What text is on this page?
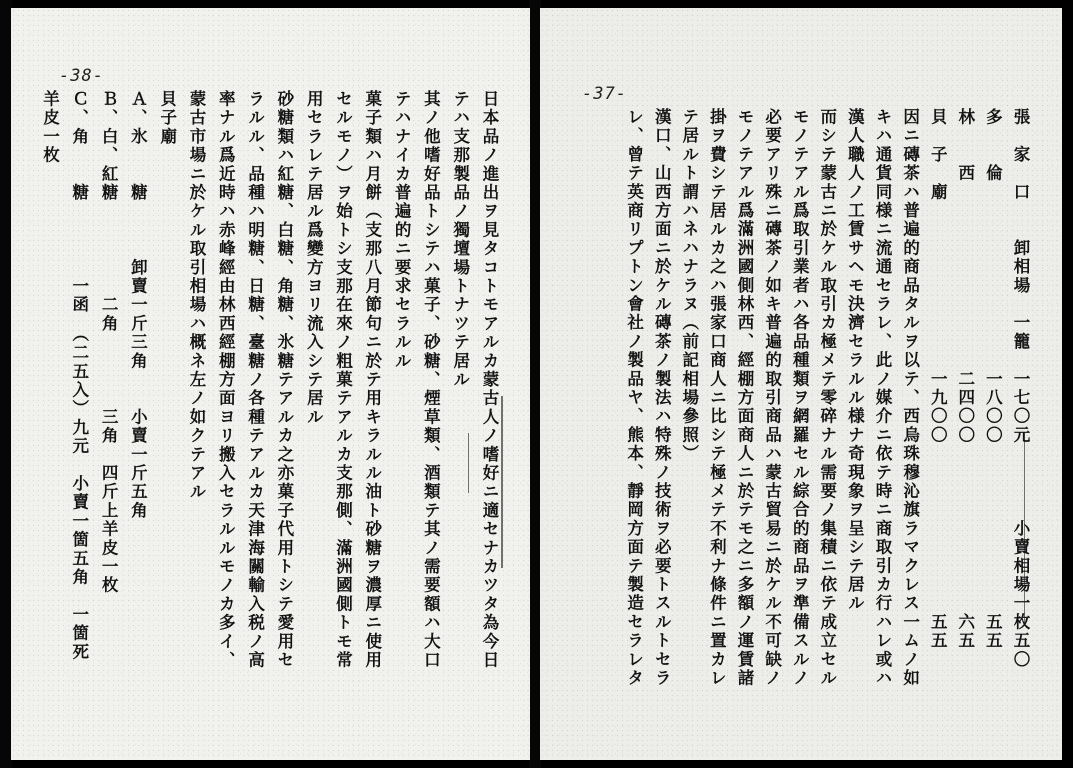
-38-
日本品ノ進出ヲ見タコトモアルカ蒙古人ノ嗜好ニ適セナカツタ為今日
テハ支那製品ノ獨壇場トナツテ居ル
其ノ他嗜好品トシテハ菓子、砂糖、煙草類、酒類テ其ノ需要額ハ大口
テハナイカ普遍的ニ要求セラルル
菓子類ハ月餅（支那八月節句ニ於テ用キラルル油ト砂糖ヲ濃厚ニ使用
セルモノ）ヲ始トシ支那在來ノ粗菓テアルカ支那側、滿洲國側トモ常
用セラレテ居ル爲變方ヨリ流入シテ居ル
砂糖類ハ紅糖、白糖、角糖、氷糖テアルカ之亦菓子代用トシテ愛用セ
ラルル、品種ハ明糖、日糖、臺糖ノ各種テアルカ天津海關輸入税ノ高
率ナル爲近時ハ赤峰經由林西經棚方面ヨリ搬入セラルルモノカ多イ、
蒙古市場ニ於ケル取引相場ハ概ネ左ノ如クテアル
貝子廟
Ａ、氷　　糖　　　卸賣一斤三角　　小賣一斤五角
Ｂ、白、紅糖　　　　　二角　　　　三角　四斤上羊皮一枚
Ｃ、角　　糖　　　　一函　（二五入）九元　小賣一箇五角　一箇死
羊皮一枚	-37-
張　家　口　　卸相場　一籠　一七〇元　　　　小賣相場一枚五〇
多　　倫　　　　　　　　　　一八〇〇　　　　　　　　　五五
林　　西　　　　　　　　　　二四〇〇　　　　　　　　　六五
貝　子　廟　　　　　　　　　一九〇〇　　　　　　　　　五五
因ニ磚茶ハ普遍的商品タルヲ以テ、西烏珠穆沁旗ラマクレス一ムノ如
キハ通貨同様ニ流通セラレ、此ノ媒介ニ依テ時ニ商取引カ行ハレ或ハ
漢人職人ノ工賃サヘモ決濟セラルル様ナ奇現象ヲ呈シテ居ル
而シテ蒙古ニ於ケル取引カ極メテ零碎ナル需要ノ集積ニ依テ成立セル
モノテアル爲取引業者ハ各品種類ヲ網羅セル綜合的商品ヲ準備スルノ
必要アリ殊ニ磚茶ノ如キ普遍的取引商品ハ蒙古貿易ニ於ケル不可缺ノ
モノテアル爲滿洲國側林西、經棚方面商人ニ於テモ之ニ多額ノ運賃諸
掛ヲ費シテ居ルカ之ハ張家口商人ニ比シテ極メテ不利ナ條件ニ置カレ
テ居ルト謂ハネハナラヌ（前記相場參照）
漢口、山西方面ニ於ケル磚茶ノ製法ハ特殊ノ技術ヲ必要トスルトセラ
レ、曾テ英商リプトン會社ノ製品ヤ、熊本、靜岡方面テ製造セラレタ
